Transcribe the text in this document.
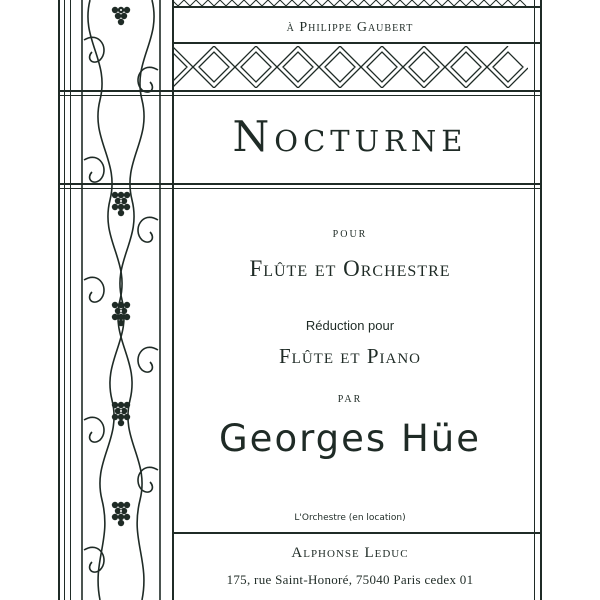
à Philippe Gaubert
Nocturne
pour
Flûte et Orchestre
Réduction pour
Flûte et Piano
par
Georges Hüe
L'Orchestre (en location)
Alphonse Leduc
175, rue Saint-Honoré, 75040 Paris cedex 01
